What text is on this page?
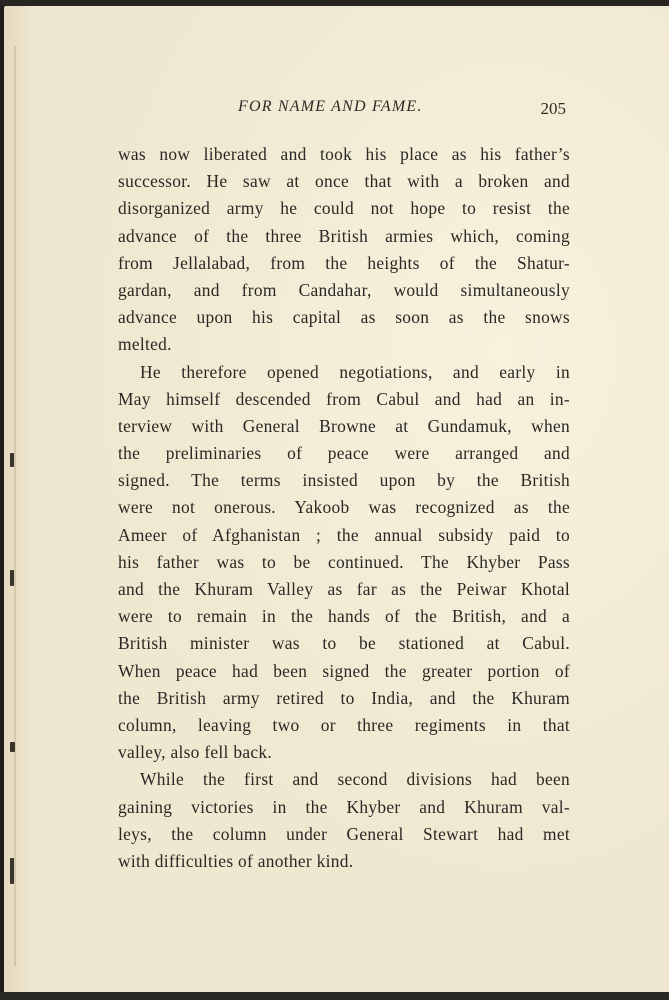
FOR NAME AND FAME.	205
was now liberated and took his place as his father’s
successor. He saw at once that with a broken and
disorganized army he could not hope to resist the
advance of the three British armies which, coming
from Jellalabad, from the heights of the Shatur-
gardan, and from Candahar, would simultaneously
advance upon his capital as soon as the snows
melted.
He therefore opened negotiations, and early in
May himself descended from Cabul and had an in-
terview with General Browne at Gundamuk, when
the preliminaries of peace were arranged and
signed. The terms insisted upon by the British
were not onerous. Yakoob was recognized as the
Ameer of Afghanistan ; the annual subsidy paid to
his father was to be continued. The Khyber Pass
and the Khuram Valley as far as the Peiwar Khotal
were to remain in the hands of the British, and a
British minister was to be stationed at Cabul.
When peace had been signed the greater portion of
the British army retired to India, and the Khuram
column, leaving two or three regiments in that
valley, also fell back.
While the first and second divisions had been
gaining victories in the Khyber and Khuram val-
leys, the column under General Stewart had met
with difficulties of another kind.
